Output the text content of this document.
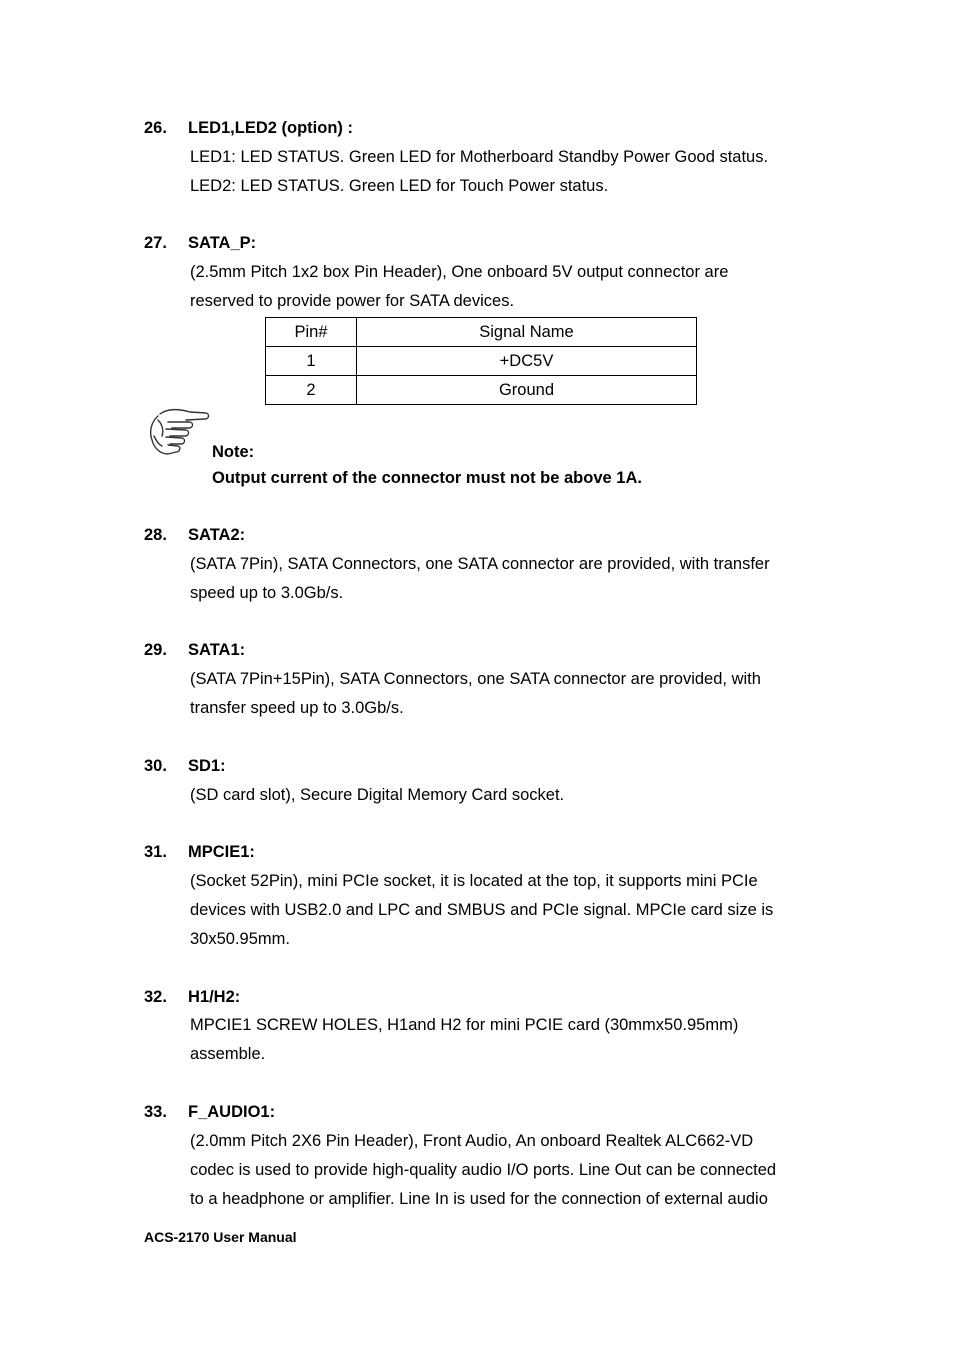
26. LED1,LED2 (option) :
LED1: LED STATUS. Green LED for Motherboard Standby Power Good status.
LED2: LED STATUS. Green LED for Touch Power status.
27. SATA_P:
(2.5mm Pitch 1x2 box Pin Header), One onboard 5V output connector are
reserved to provide power for SATA devices.
Pin#	Signal Name
1	+DC5V
2	Ground
Note:
Output current of the connector must not be above 1A.
28. SATA2:
(SATA 7Pin), SATA Connectors, one SATA connector are provided, with transfer
speed up to 3.0Gb/s.
29. SATA1:
(SATA 7Pin+15Pin), SATA Connectors, one SATA connector are provided, with
transfer speed up to 3.0Gb/s.
30. SD1:
(SD card slot), Secure Digital Memory Card socket.
31. MPCIE1:
(Socket 52Pin), mini PCIe socket, it is located at the top, it supports mini PCIe
devices with USB2.0 and LPC and SMBUS and PCIe signal. MPCIe card size is
30x50.95mm.
32. H1/H2:
MPCIE1 SCREW HOLES, H1and H2 for mini PCIE card (30mmx50.95mm)
assemble.
33. F_AUDIO1:
(2.0mm Pitch 2X6 Pin Header), Front Audio, An onboard Realtek ALC662-VD
codec is used to provide high-quality audio I/O ports. Line Out can be connected
to a headphone or amplifier. Line In is used for the connection of external audio
ACS-2170 User Manual
